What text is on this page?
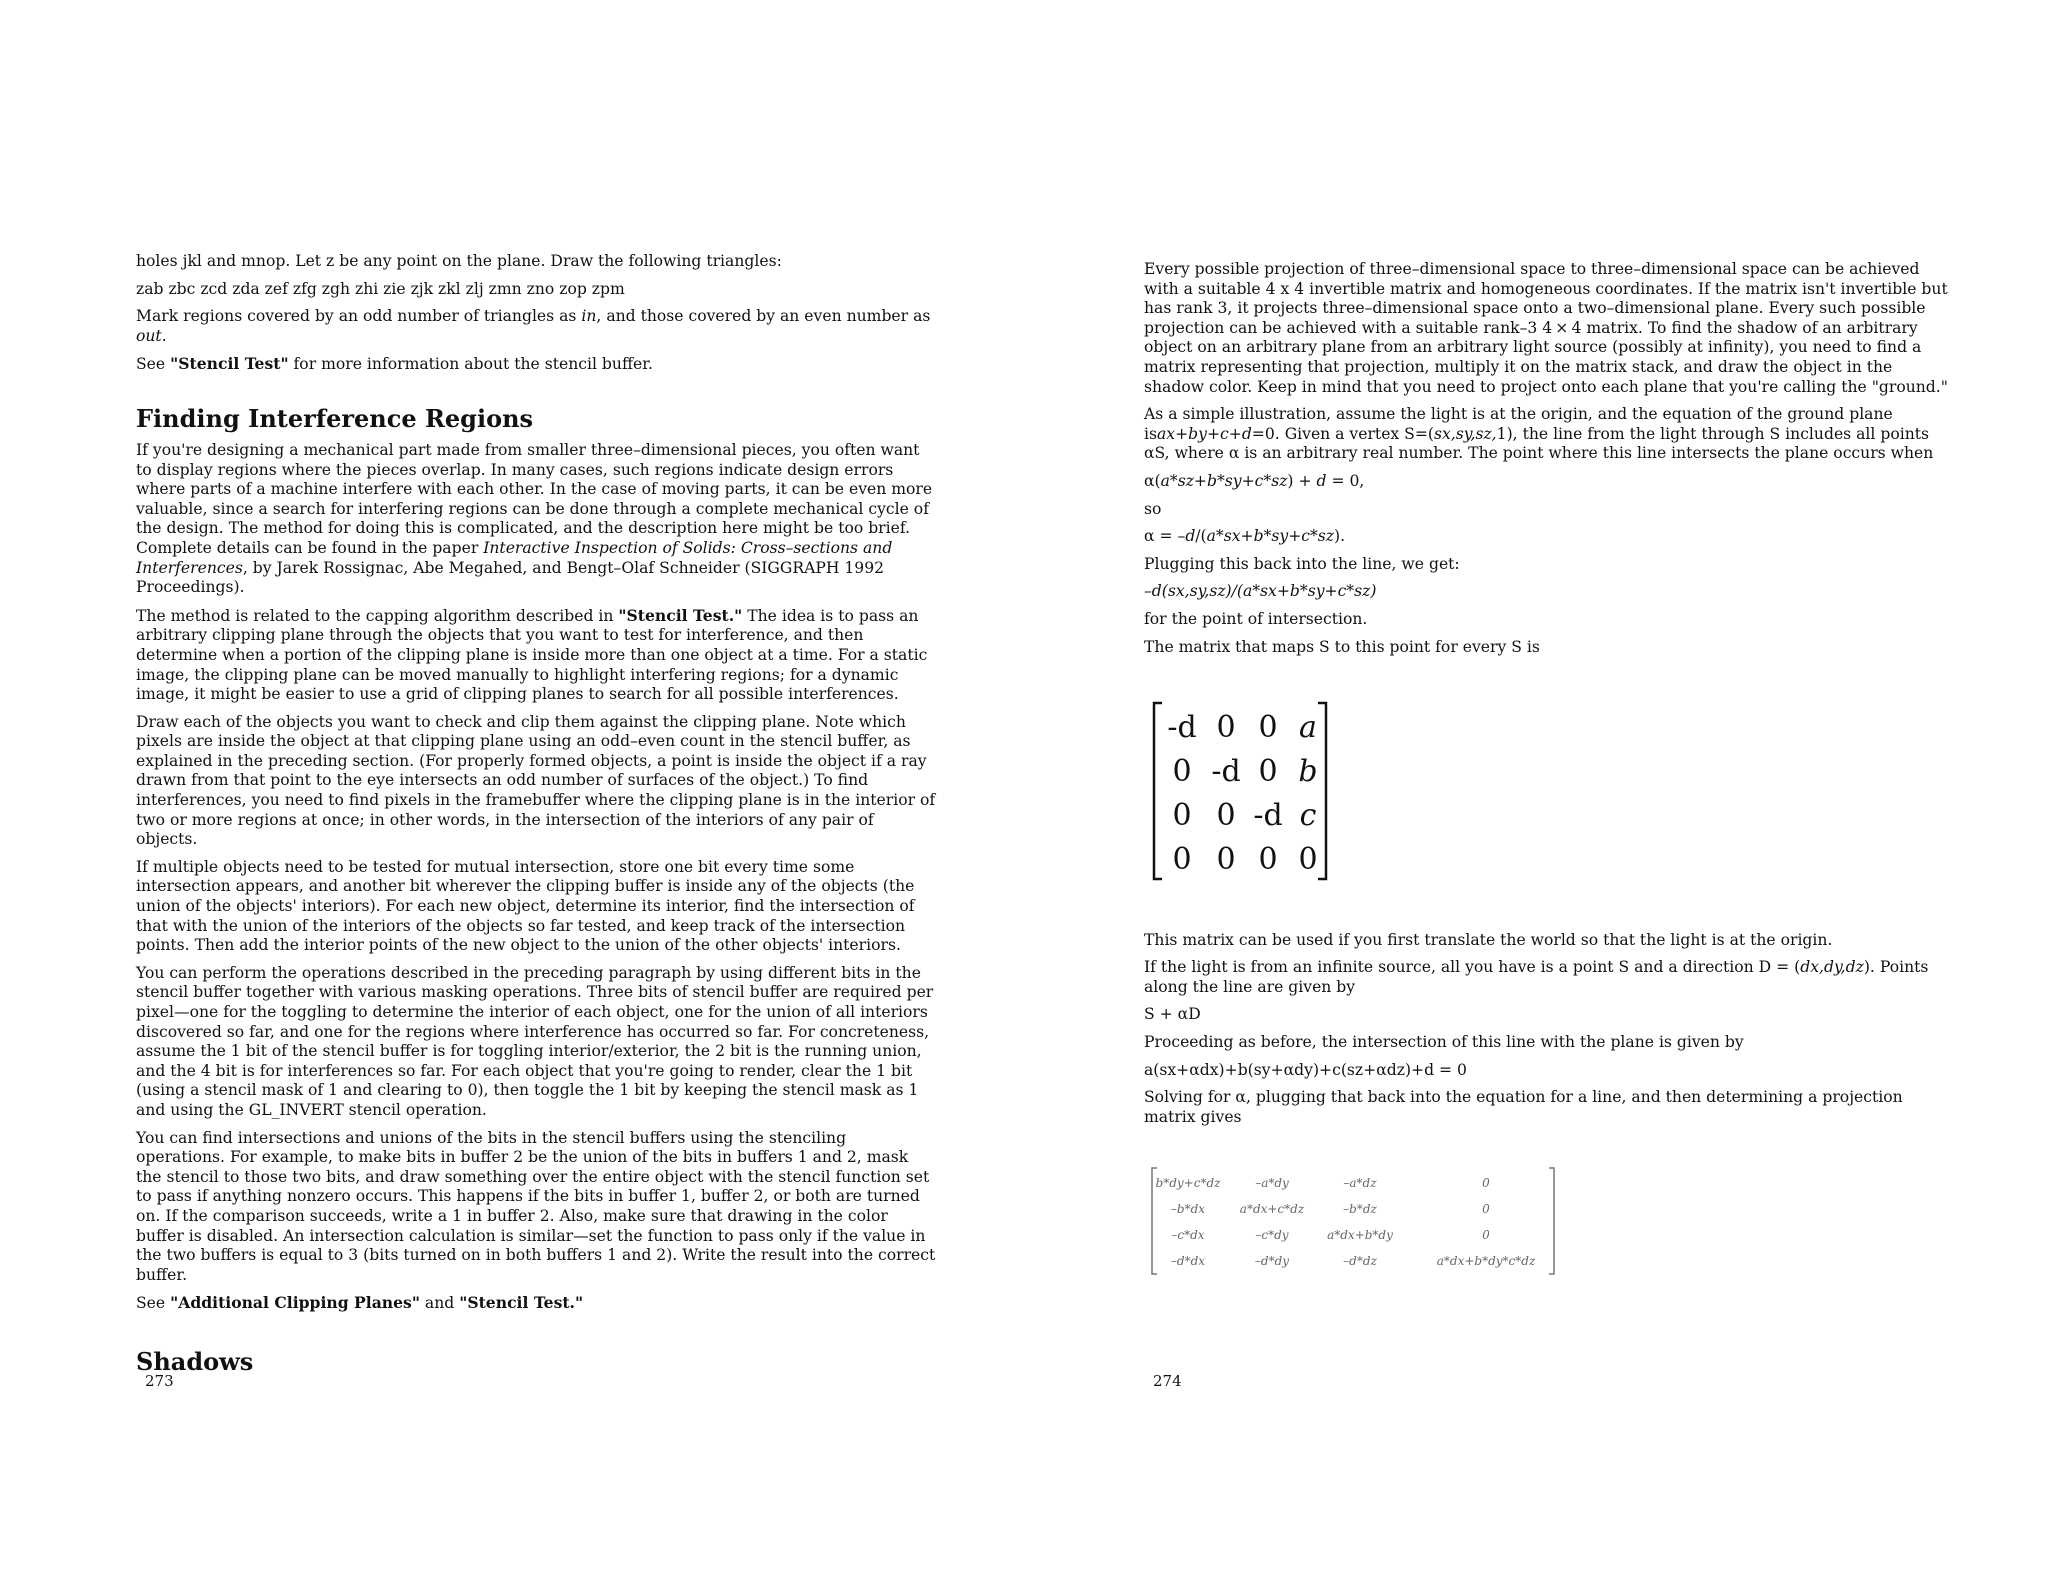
holes jkl and mnop. Let z be any point on the plane. Draw the following triangles:

zab zbc zcd zda zef zfg zgh zhi zie zjk zkl zlj zmn zno zop zpm

Mark regions covered by an odd number of triangles as in, and those covered by an even number as out.

See "Stencil Test" for more information about the stencil buffer.

Finding Interference Regions

If you're designing a mechanical part made from smaller three–dimensional pieces, you often want to display regions where the pieces overlap. In many cases, such regions indicate design errors where parts of a machine interfere with each other. In the case of moving parts, it can be even more valuable, since a search for interfering regions can be done through a complete mechanical cycle of the design. The method for doing this is complicated, and the description here might be too brief. Complete details can be found in the paper Interactive Inspection of Solids: Cross–sections and Interferences, by Jarek Rossignac, Abe Megahed, and Bengt–Olaf Schneider (SIGGRAPH 1992 Proceedings).

The method is related to the capping algorithm described in "Stencil Test." The idea is to pass an arbitrary clipping plane through the objects that you want to test for interference, and then determine when a portion of the clipping plane is inside more than one object at a time. For a static image, the clipping plane can be moved manually to highlight interfering regions; for a dynamic image, it might be easier to use a grid of clipping planes to search for all possible interferences.

Draw each of the objects you want to check and clip them against the clipping plane. Note which pixels are inside the object at that clipping plane using an odd–even count in the stencil buffer, as explained in the preceding section. (For properly formed objects, a point is inside the object if a ray drawn from that point to the eye intersects an odd number of surfaces of the object.) To find interferences, you need to find pixels in the framebuffer where the clipping plane is in the interior of two or more regions at once; in other words, in the intersection of the interiors of any pair of objects.

If multiple objects need to be tested for mutual intersection, store one bit every time some intersection appears, and another bit wherever the clipping buffer is inside any of the objects (the union of the objects' interiors). For each new object, determine its interior, find the intersection of that with the union of the interiors of the objects so far tested, and keep track of the intersection points. Then add the interior points of the new object to the union of the other objects' interiors.

You can perform the operations described in the preceding paragraph by using different bits in the stencil buffer together with various masking operations. Three bits of stencil buffer are required per pixel—one for the toggling to determine the interior of each object, one for the union of all interiors discovered so far, and one for the regions where interference has occurred so far. For concreteness, assume the 1 bit of the stencil buffer is for toggling interior/exterior, the 2 bit is the running union, and the 4 bit is for interferences so far. For each object that you're going to render, clear the 1 bit (using a stencil mask of 1 and clearing to 0), then toggle the 1 bit by keeping the stencil mask as 1 and using the GL_INVERT stencil operation.

You can find intersections and unions of the bits in the stencil buffers using the stenciling operations. For example, to make bits in buffer 2 be the union of the bits in buffers 1 and 2, mask the stencil to those two bits, and draw something over the entire object with the stencil function set to pass if anything nonzero occurs. This happens if the bits in buffer 1, buffer 2, or both are turned on. If the comparison succeeds, write a 1 in buffer 2. Also, make sure that drawing in the color buffer is disabled. An intersection calculation is similar—set the function to pass only if the value in the two buffers is equal to 3 (bits turned on in both buffers 1 and 2). Write the result into the correct buffer.

See "Additional Clipping Planes" and "Stencil Test."

Shadows
273

Every possible projection of three–dimensional space to three–dimensional space can be achieved with a suitable 4 x 4 invertible matrix and homogeneous coordinates. If the matrix isn't invertible but has rank 3, it projects three–dimensional space onto a two–dimensional plane. Every such possible projection can be achieved with a suitable rank–3 4 × 4 matrix. To find the shadow of an arbitrary object on an arbitrary plane from an arbitrary light source (possibly at infinity), you need to find a matrix representing that projection, multiply it on the matrix stack, and draw the object in the shadow color. Keep in mind that you need to project onto each plane that you're calling the "ground."

As a simple illustration, assume the light is at the origin, and the equation of the ground plane isax+by+c+d=0. Given a vertex S=(sx,sy,sz,1), the line from the light through S includes all points αS, where α is an arbitrary real number. The point where this line intersects the plane occurs when

α(a*sz+b*sy+c*sz) + d = 0,

so

α = –d/(a*sx+b*sy+c*sz).

Plugging this back into the line, we get:

–d(sx,sy,sz)∕(a*sx+b*sy+c*sz)

for the point of intersection.

The matrix that maps S to this point for every S is

-d 0 0 a
0 -d 0 b
0 0 -d c
0 0 0 0

This matrix can be used if you first translate the world so that the light is at the origin.

If the light is from an infinite source, all you have is a point S and a direction D = (dx,dy,dz). Points along the line are given by

S + αD

Proceeding as before, the intersection of this line with the plane is given by

a(sx+αdx)+b(sy+αdy)+c(sz+αdz)+d = 0

Solving for α, plugging that back into the equation for a line, and then determining a projection matrix gives

b*dy+c*dz	–a*dy	–a*dz	0
–b*dx	a*dx+c*dz	–b*dz	0
–c*dx	–c*dy	a*dx+b*dy	0
–d*dx	–d*dy	–d*dz	a*dx+b*dy*c*dz
274
